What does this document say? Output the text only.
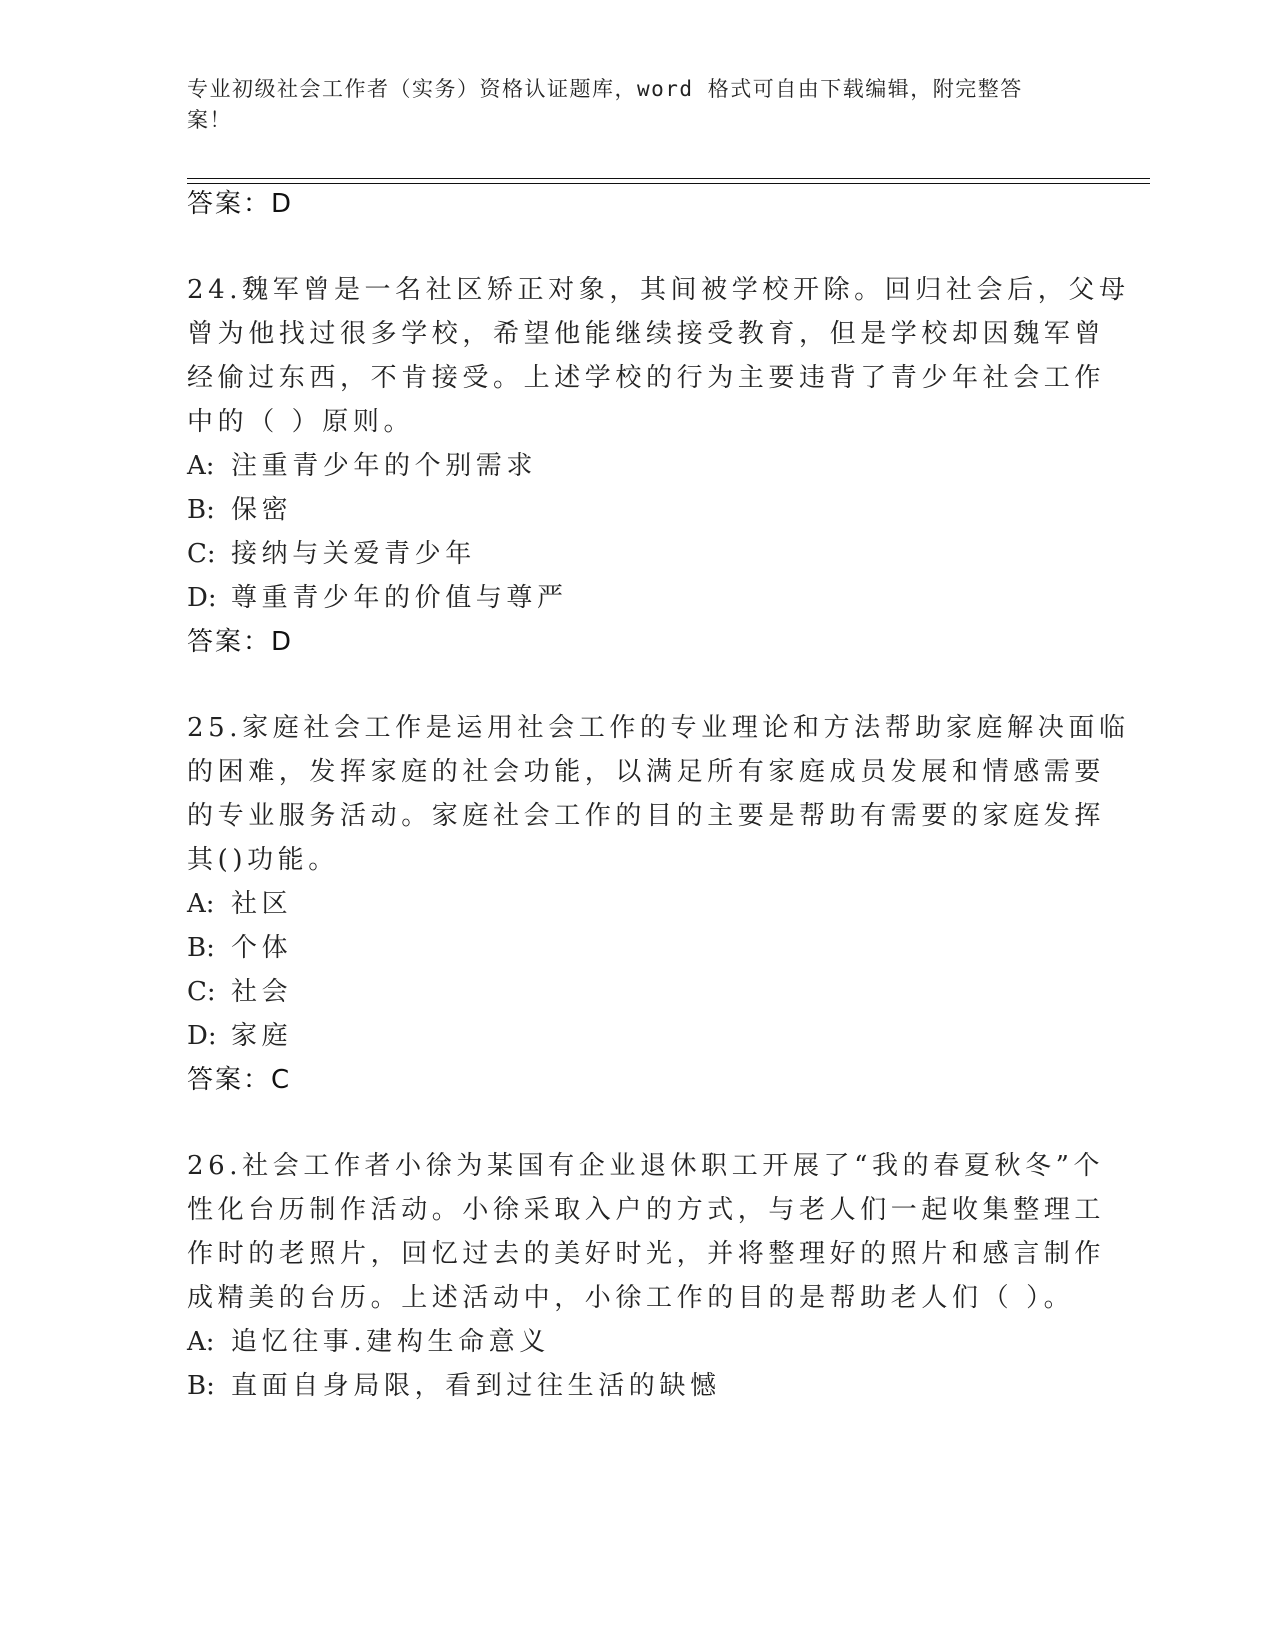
专业初级社会工作者（实务）资格认证题库，word 格式可自由下载编辑，附完整答案！
答案：D
24.魏军曾是一名社区矫正对象，其间被学校开除。回归社会后，父母
曾为他找过很多学校，希望他能继续接受教育，但是学校却因魏军曾
经偷过东西，不肯接受。上述学校的行为主要违背了青少年社会工作
中的（ ）原则。
A: 注重青少年的个别需求
B: 保密
C: 接纳与关爱青少年
D: 尊重青少年的价值与尊严
答案：D
25.家庭社会工作是运用社会工作的专业理论和方法帮助家庭解决面临
的困难，发挥家庭的社会功能，以满足所有家庭成员发展和情感需要
的专业服务活动。家庭社会工作的目的主要是帮助有需要的家庭发挥
其()功能。
A: 社区
B: 个体
C: 社会
D: 家庭
答案：C
26.社会工作者小徐为某国有企业退休职工开展了“我的春夏秋冬”个
性化台历制作活动。小徐采取入户的方式，与老人们一起收集整理工
作时的老照片，回忆过去的美好时光，并将整理好的照片和感言制作
成精美的台历。上述活动中，小徐工作的目的是帮助老人们（ ）。
A: 追忆往事.建构生命意义
B: 直面自身局限，看到过往生活的缺憾
